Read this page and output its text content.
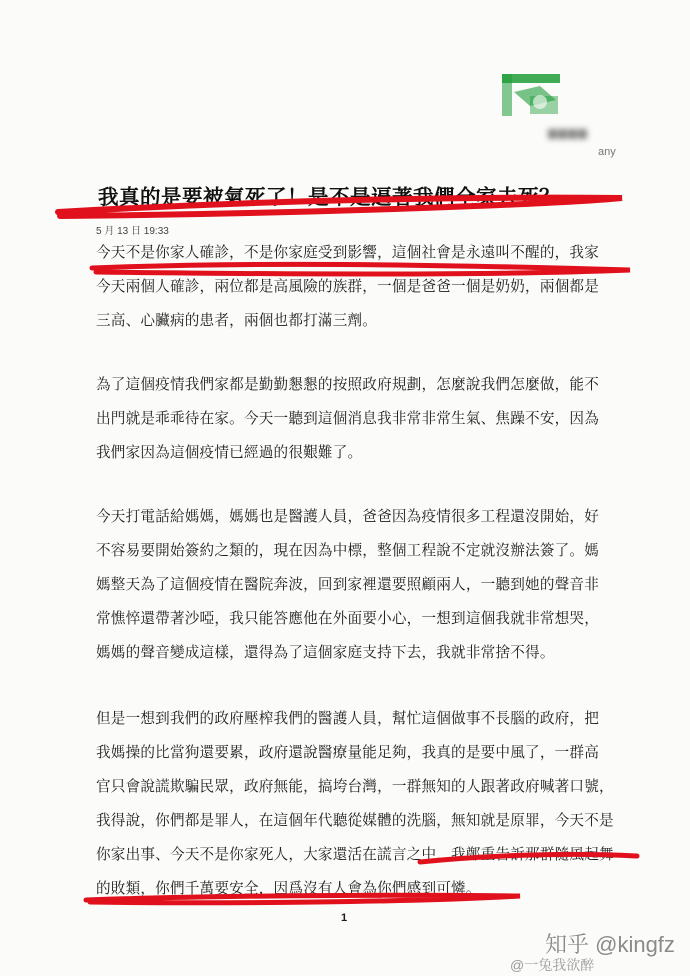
any
我真的是要被氣死了！是不是逼著我們全家去死？
5 月 13 日 19:33
今天不是你家人確診，不是你家庭受到影響，這個社會是永遠叫不醒的，我家
今天兩個人確診，兩位都是高風險的族群，一個是爸爸一個是奶奶，兩個都是
三高、心臟病的患者，兩個也都打滿三劑。
為了這個疫情我們家都是勤勤懇懇的按照政府規劃，怎麼說我們怎麼做，能不
出門就是乖乖待在家。今天一聽到這個消息我非常非常生氣、焦躁不安，因為
我們家因為這個疫情已經過的很艱難了。
今天打電話給媽媽，媽媽也是醫護人員，爸爸因為疫情很多工程還沒開始，好
不容易要開始簽約之類的，現在因為中標，整個工程說不定就沒辦法簽了。媽
媽整天為了這個疫情在醫院奔波，回到家裡還要照顧兩人，一聽到她的聲音非
常憔悴還帶著沙啞，我只能答應他在外面要小心，一想到這個我就非常想哭，
媽媽的聲音變成這樣，還得為了這個家庭支持下去，我就非常捨不得。
但是一想到我們的政府壓榨我們的醫護人員，幫忙這個做事不長腦的政府，把
我媽操的比當狗還要累，政府還說醫療量能足夠，我真的是要中風了，一群高
官只會說謊欺騙民眾，政府無能，搞垮台灣，一群無知的人跟著政府喊著口號，
我得說，你們都是罪人，在這個年代聽從媒體的洗腦，無知就是原罪，今天不是
你家出事、今天不是你家死人，大家還活在謊言之中，我鄭重告訴那群隨風起舞
的敗類，你們千萬要安全，因爲沒有人會為你們感到可憐。
1
知乎 @kingfz
@一兔我欲醉
